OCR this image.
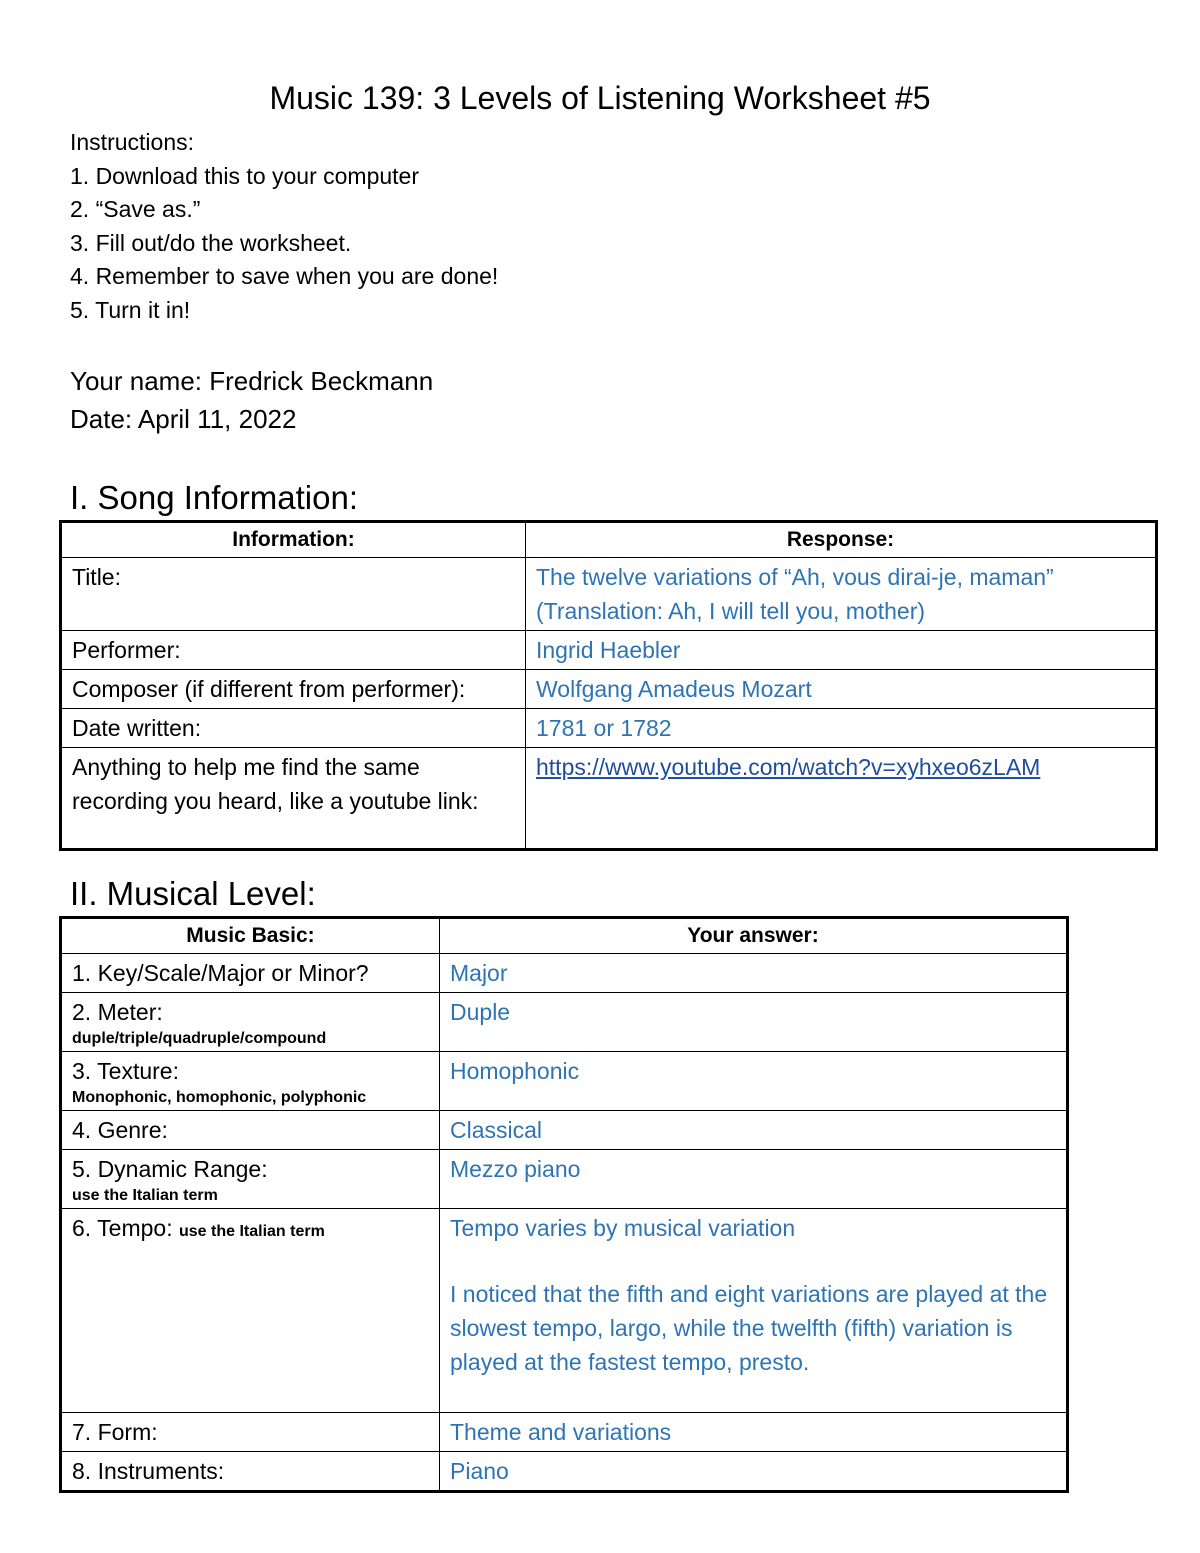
Music 139: 3 Levels of Listening Worksheet #5
Instructions:
1. Download this to your computer
2. “Save as.”
3. Fill out/do the worksheet.
4. Remember to save when you are done!
5. Turn it in!
Your name: Fredrick Beckmann
Date: April 11, 2022
I. Song Information:
Information:	Response:
Title:	The twelve variations of “Ah, vous dirai-je, maman” (Translation: Ah, I will tell you, mother)
Performer:	Ingrid Haebler
Composer (if different from performer):	Wolfgang Amadeus Mozart
Date written:	1781 or 1782
Anything to help me find the same recording you heard, like a youtube link:	https://www.youtube.com/watch?v=xyhxeo6zLAM
II. Musical Level:
Music Basic:	Your answer:
1. Key/Scale/Major or Minor?	Major
2. Meter:
duple/triple/quadruple/compound	Duple
3. Texture:
Monophonic, homophonic, polyphonic	Homophonic
4. Genre:	Classical
5. Dynamic Range:
use the Italian term	Mezzo piano
6. Tempo: use the Italian term	Tempo varies by musical variation
I noticed that the fifth and eight variations are played at the slowest tempo, largo, while the twelfth (fifth) variation is played at the fastest tempo, presto.
7. Form:	Theme and variations
8. Instruments:	Piano
